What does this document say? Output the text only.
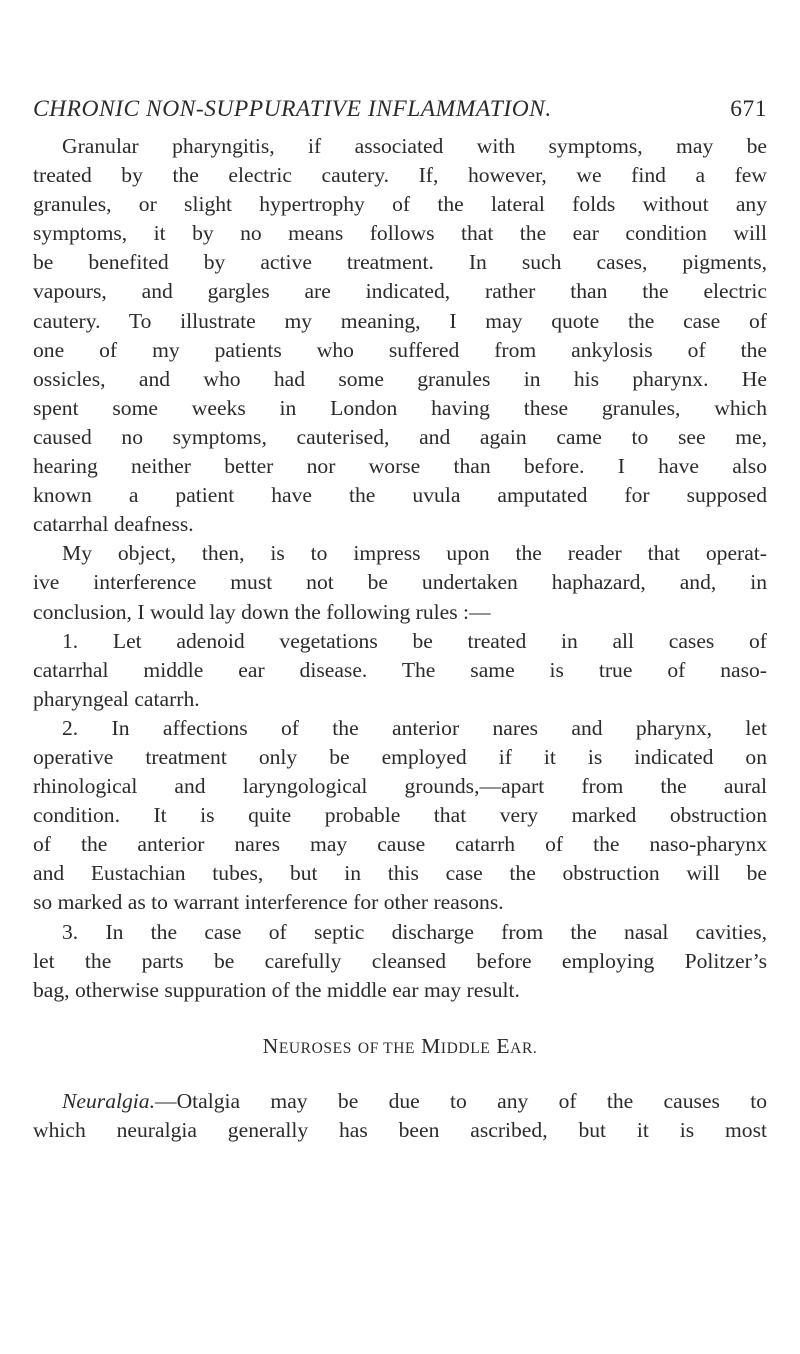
CHRONIC NON-SUPPURATIVE INFLAMMATION.	671
Granular pharyngitis, if associated with symptoms, may be
treated by the electric cautery. If, however, we find a few
granules, or slight hypertrophy of the lateral folds without any
symptoms, it by no means follows that the ear condition will
be benefited by active treatment. In such cases, pigments,
vapours, and gargles are indicated, rather than the electric
cautery. To illustrate my meaning, I may quote the case of
one of my patients who suffered from ankylosis of the
ossicles, and who had some granules in his pharynx. He
spent some weeks in London having these granules, which
caused no symptoms, cauterised, and again came to see me,
hearing neither better nor worse than before. I have also
known a patient have the uvula amputated for supposed
catarrhal deafness.
My object, then, is to impress upon the reader that operat-
ive interference must not be undertaken haphazard, and, in
conclusion, I would lay down the following rules :—
1. Let adenoid vegetations be treated in all cases of
catarrhal middle ear disease. The same is true of naso-
pharyngeal catarrh.
2. In affections of the anterior nares and pharynx, let
operative treatment only be employed if it is indicated on
rhinological and laryngological grounds,—apart from the aural
condition. It is quite probable that very marked obstruction
of the anterior nares may cause catarrh of the naso-pharynx
and Eustachian tubes, but in this case the obstruction will be
so marked as to warrant interference for other reasons.
3. In the case of septic discharge from the nasal cavities,
let the parts be carefully cleansed before employing Politzer’s
bag, otherwise suppuration of the middle ear may result.
NEUROSES OF THE MIDDLE EAR.
Neuralgia.—Otalgia may be due to any of the causes to
which neuralgia generally has been ascribed, but it is most
